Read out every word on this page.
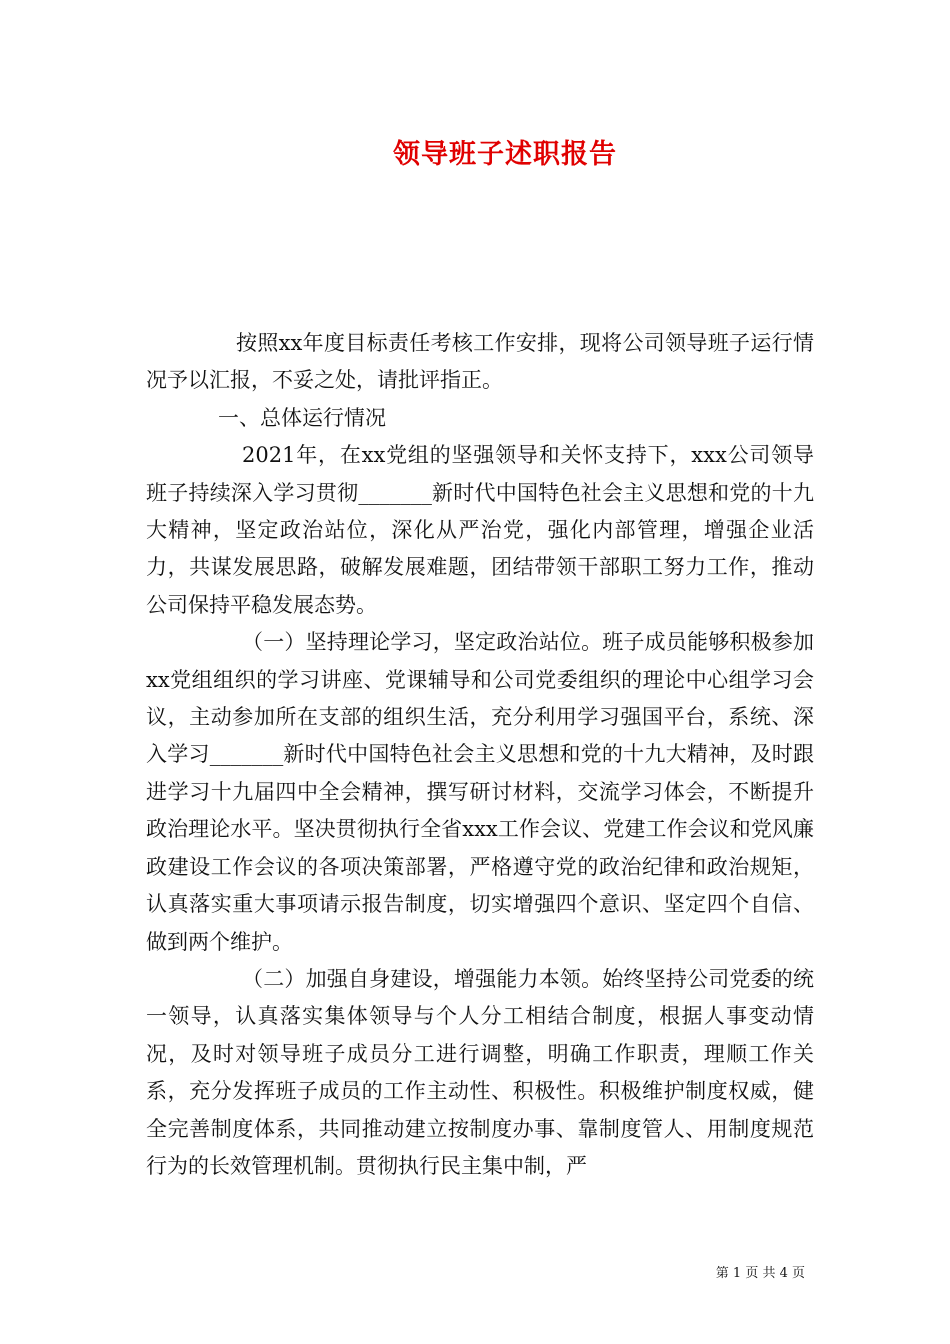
领导班子述职报告

按照xx年度目标责任考核工作安排，现将公司领导班子运行情况予以汇报，不妥之处，请批评指正。

一、总体运行情况

2021年，在xx党组的坚强领导和关怀支持下，xxx公司领导班子持续深入学习贯彻_______新时代中国特色社会主义思想和党的十九大精神，坚定政治站位，深化从严治党，强化内部管理，增强企业活力，共谋发展思路，破解发展难题，团结带领干部职工努力工作，推动公司保持平稳发展态势。

（一）坚持理论学习，坚定政治站位。班子成员能够积极参加xx党组组织的学习讲座、党课辅导和公司党委组织的理论中心组学习会议，主动参加所在支部的组织生活，充分利用学习强国平台，系统、深入学习_______新时代中国特色社会主义思想和党的十九大精神，及时跟进学习十九届四中全会精神，撰写研讨材料，交流学习体会，不断提升政治理论水平。坚决贯彻执行全省xxx工作会议、党建工作会议和党风廉政建设工作会议的各项决策部署，严格遵守党的政治纪律和政治规矩，认真落实重大事项请示报告制度，切实增强四个意识、坚定四个自信、做到两个维护。

（二）加强自身建设，增强能力本领。始终坚持公司党委的统一领导，认真落实集体领导与个人分工相结合制度，根据人事变动情况，及时对领导班子成员分工进行调整，明确工作职责，理顺工作关系，充分发挥班子成员的工作主动性、积极性。积极维护制度权威，健全完善制度体系，共同推动建立按制度办事、靠制度管人、用制度规范行为的长效管理机制。贯彻执行民主集中制，严

第 1 页 共 4 页
